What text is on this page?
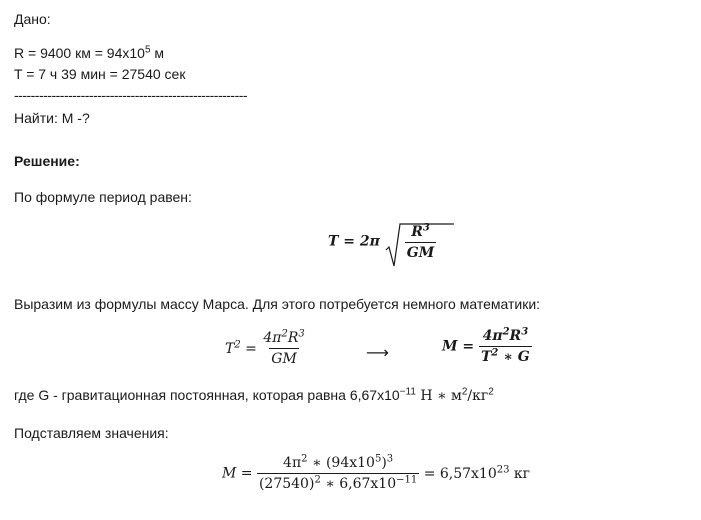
Дано:
R = 9400 км = $94x10^5$ м
T = 7 ч 39 мин = 27540 сек
--------------------------------------------------------
Найти: M -?
Решение:
По формуле период равен:
$T = 2\pi \frac{R^3}{GM}$
Выразим из формулы массу Марса. Для этого потребуется немного математики:
$T^2 = \frac{4\pi^2R^3}{GM}$	⟶	$M = \frac{4\pi^2R^3}{T^2 ∗ G}$
где G - гравитационная постоянная, которая равна $6,67x10^{-11}$ Н ∗ $м^2/кг^2$
Подставляем значения:
$M = \frac{4\pi^2 ∗ (94x10^5)^3}{(27540)^2 ∗ 6,67x10^{-11}} = 6,57x10^{23}$ кг
